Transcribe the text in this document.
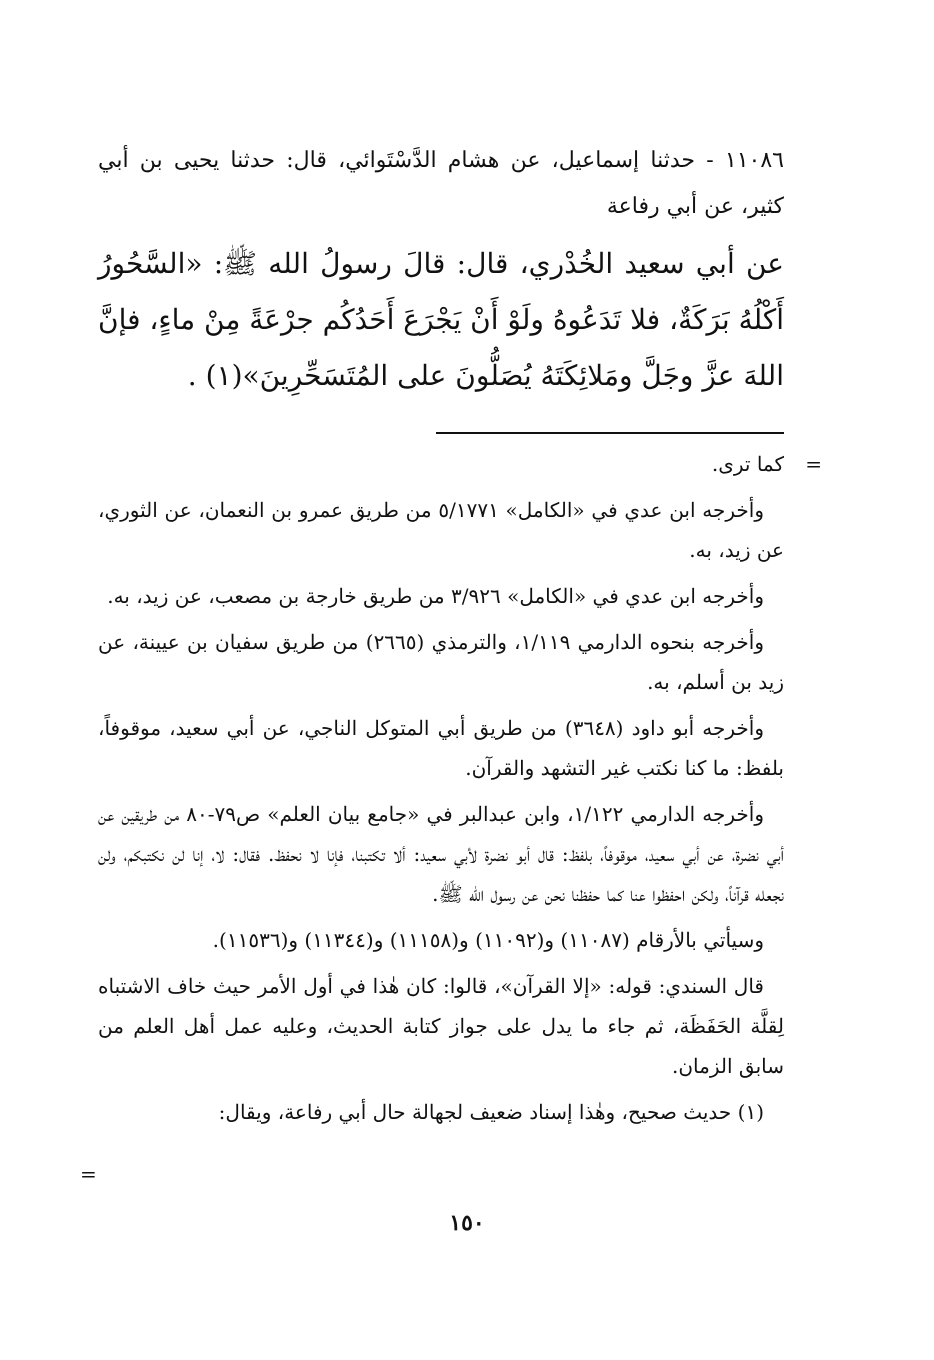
١١٠٨٦ - حدثنا إسماعيل، عن هشام الدَّسْتَوائي، قال: حدثنا يحيى بن أبي كثير، عن أبي رفاعة
عن أبي سعيد الخُدْري، قال: قالَ رسولُ الله ﷺ: «السَّحُورُ أَكْلُهُ بَرَكَةٌ، فلا تَدَعُوهُ ولَوْ أَنْ يَجْرَعَ أَحَدُكُم جرْعَةً مِنْ ماءٍ، فإنَّ اللهَ عزَّ وجَلَّ ومَلائِكَتَهُ يُصَلُّونَ على المُتَسَحِّرِينَ»(١) .
=

كما ترى.

وأخرجه ابن عدي في «الكامل» ٥/١٧٧١ من طريق عمرو بن النعمان، عن الثوري، عن زيد، به.

وأخرجه ابن عدي في «الكامل» ٣/٩٢٦ من طريق خارجة بن مصعب، عن زيد، به.

وأخرجه بنحوه الدارمي ١/١١٩، والترمذي (٢٦٦٥) من طريق سفيان بن عيينة، عن زيد بن أسلم، به.

وأخرجه أبو داود (٣٦٤٨) من طريق أبي المتوكل الناجي، عن أبي سعيد، موقوفاً، بلفظ: ما كنا نكتب غير التشهد والقرآن.

وأخرجه الدارمي ١/١٢٢، وابن عبدالبر في «جامع بيان العلم» ص٧٩-٨٠ من طريقين عن أبي نضرة، عن أبي سعيد، موقوفاً، بلفظ: قال أبو نضرة لأبي سعيد: ألا تكتبنا، فإنا لا نحفظ. فقال: لا، إنا لن نكتبكم، ولن نجعله قرآناً، ولكن احفظوا عنا كما حفظنا نحن عن رسول الله ﷺ.

وسيأتي بالأرقام (١١٠٨٧) و(١١٠٩٢) و(١١١٥٨) و(١١٣٤٤) و(١١٥٣٦).

قال السندي: قوله: «إلا القرآن»، قالوا: كان هٰذا في أول الأمر حيث خاف الاشتباه لِقلَّة الحَفَظَة، ثم جاء ما يدل على جواز كتابة الحديث، وعليه عمل أهل العلم من سابق الزمان.

(١) حديث صحيح، وهٰذا إسناد ضعيف لجهالة حال أبي رفاعة، ويقال:

=
١٥٠
